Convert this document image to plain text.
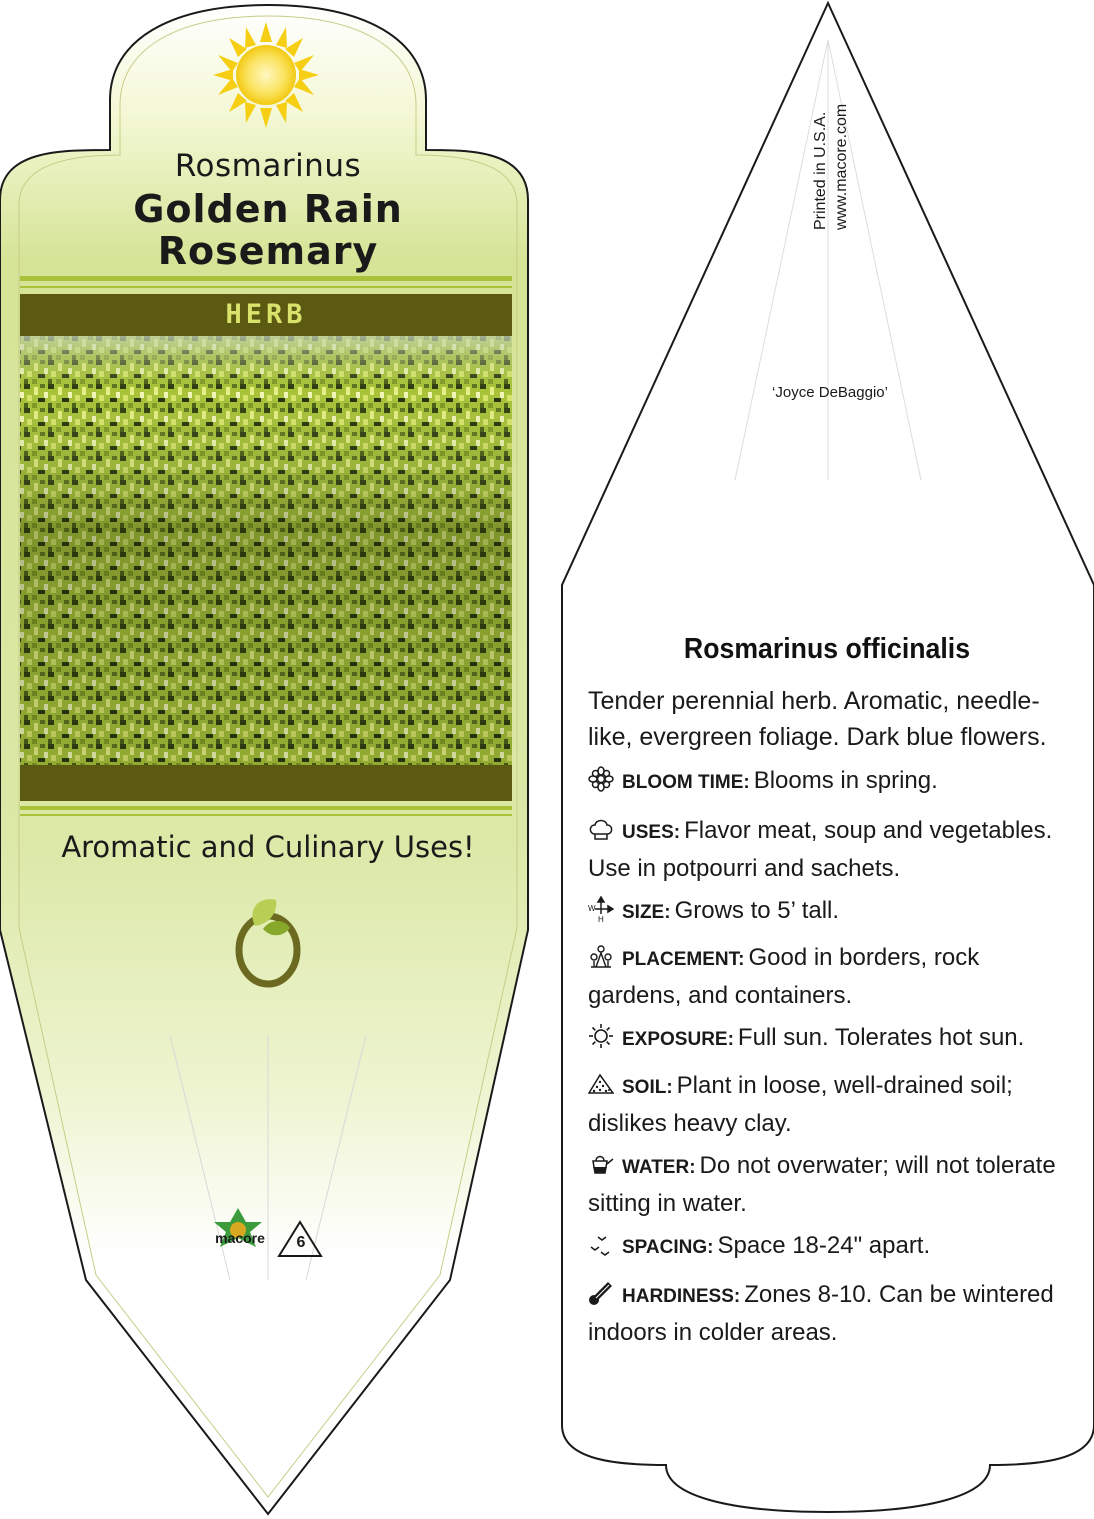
Rosmarinus
Golden Rain
Rosemary
HERB
Aromatic and Culinary Uses!
macore	6
Printed in U.S.A. www.macore.com
‘Joyce DeBaggio’
Rosmarinus officinalis
Tender perennial herb. Aromatic, needle-like, evergreen foliage. Dark blue flowers.
BLOOM TIME: Blooms in spring.
USES: Flavor meat, soup and vegetables. Use in potpourri and sachets.
W
H SIZE: Grows to 5’ tall.
PLACEMENT: Good in borders, rock gardens, and containers.
EXPOSURE: Full sun. Tolerates hot sun.
SOIL: Plant in loose, well-drained soil; dislikes heavy clay.
WATER: Do not overwater; will not tolerate sitting in water.
SPACING: Space 18-24" apart.
HARDINESS: Zones 8-10. Can be wintered indoors in colder areas.
